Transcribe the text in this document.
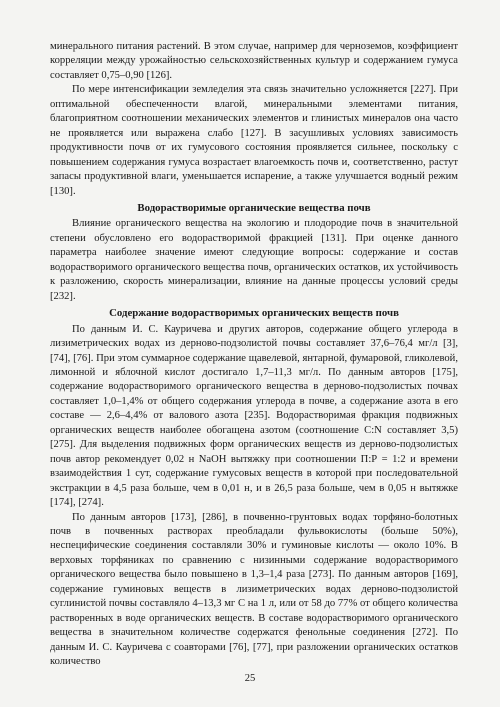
минерального питания растений. В этом случае, например для черноземов, коэффициент корреляции между урожайностью сельскохозяйственных культур и содержанием гумуса составляет 0,75–0,90 [126].

По мере интенсификации земледелия эта связь значительно усложняется [227]. При оптимальной обеспеченности влагой, минеральными элементами питания, благоприятном соотношении механических элементов и глинистых минералов она часто не проявляется или выражена слабо [127]. В засушливых условиях зависимость продуктивности почв от их гумусового состояния проявляется сильнее, поскольку с повышением содержания гумуса возрастает влагоемкость почв и, соответственно, растут запасы продуктивной влаги, уменьшается испарение, а также улучшается водный режим [130].

Водорастворимые органические вещества почв

Влияние органического вещества на экологию и плодородие почв в значительной степени обусловлено его водорастворимой фракцией [131]. При оценке данного параметра наиболее значение имеют следующие вопросы: содержание и состав водорастворимого органического вещества почв, органических остатков, их устойчивость к разложению, скорость минерализации, влияние на данные процессы условий среды [232].

Содержание водорастворимых органических веществ почв

По данным И. С. Кауричева и других авторов, содержание общего углерода в лизиметрических водах из дерново-подзолистой почвы составляет 37,6–76,4 мг/л [3], [74], [76]. При этом суммарное содержание щавелевой, янтарной, фумаровой, гликолевой, лимонной и яблочной кислот достигало 1,7–11,3 мг/л. По данным авторов [175], содержание водорастворимого органического вещества в дерново-подзолистых почвах составляет 1,0–1,4% от общего содержания углерода в почве, а содержание азота в его составе — 2,6–4,4% от валового азота [235]. Водорастворимая фракция подвижных органических веществ наиболее обогащена азотом (соотношение C:N составляет 3,5) [275]. Для выделения подвижных форм органических веществ из дерново-подзолистых почв автор рекомендует 0,02 н NaOH вытяжку при соотношении П:Р = 1:2 и времени взаимодействия 1 сут, содержание гумусовых веществ в которой при последовательной экстракции в 4,5 раза больше, чем в 0,01 н, и в 26,5 раза больше, чем в 0,05 н вытяжке [174], [274].

По данным авторов [173], [286], в почвенно-грунтовых водах торфяно-болотных почв в почвенных растворах преобладали фульвокислоты (больше 50%), неспецифические соединения составляли 30% и гуминовые кислоты — около 10%. В верховых торфяниках по сравнению с низинными содержание водорастворимого органического вещества было повышено в 1,3–1,4 раза [273]. По данным авторов [169], содержание гуминовых веществ в лизиметрических водах дерново-подзолистой суглинистой почвы составляло 4–13,3 мг С на 1 л, или от 58 до 77% от общего количества растворенных в воде органических веществ. В составе водорастворимого органического вещества в значительном количестве содержатся фенольные соединения [272]. По данным И. С. Кауричева с соавторами [76], [77], при разложении органических остатков количество

25
